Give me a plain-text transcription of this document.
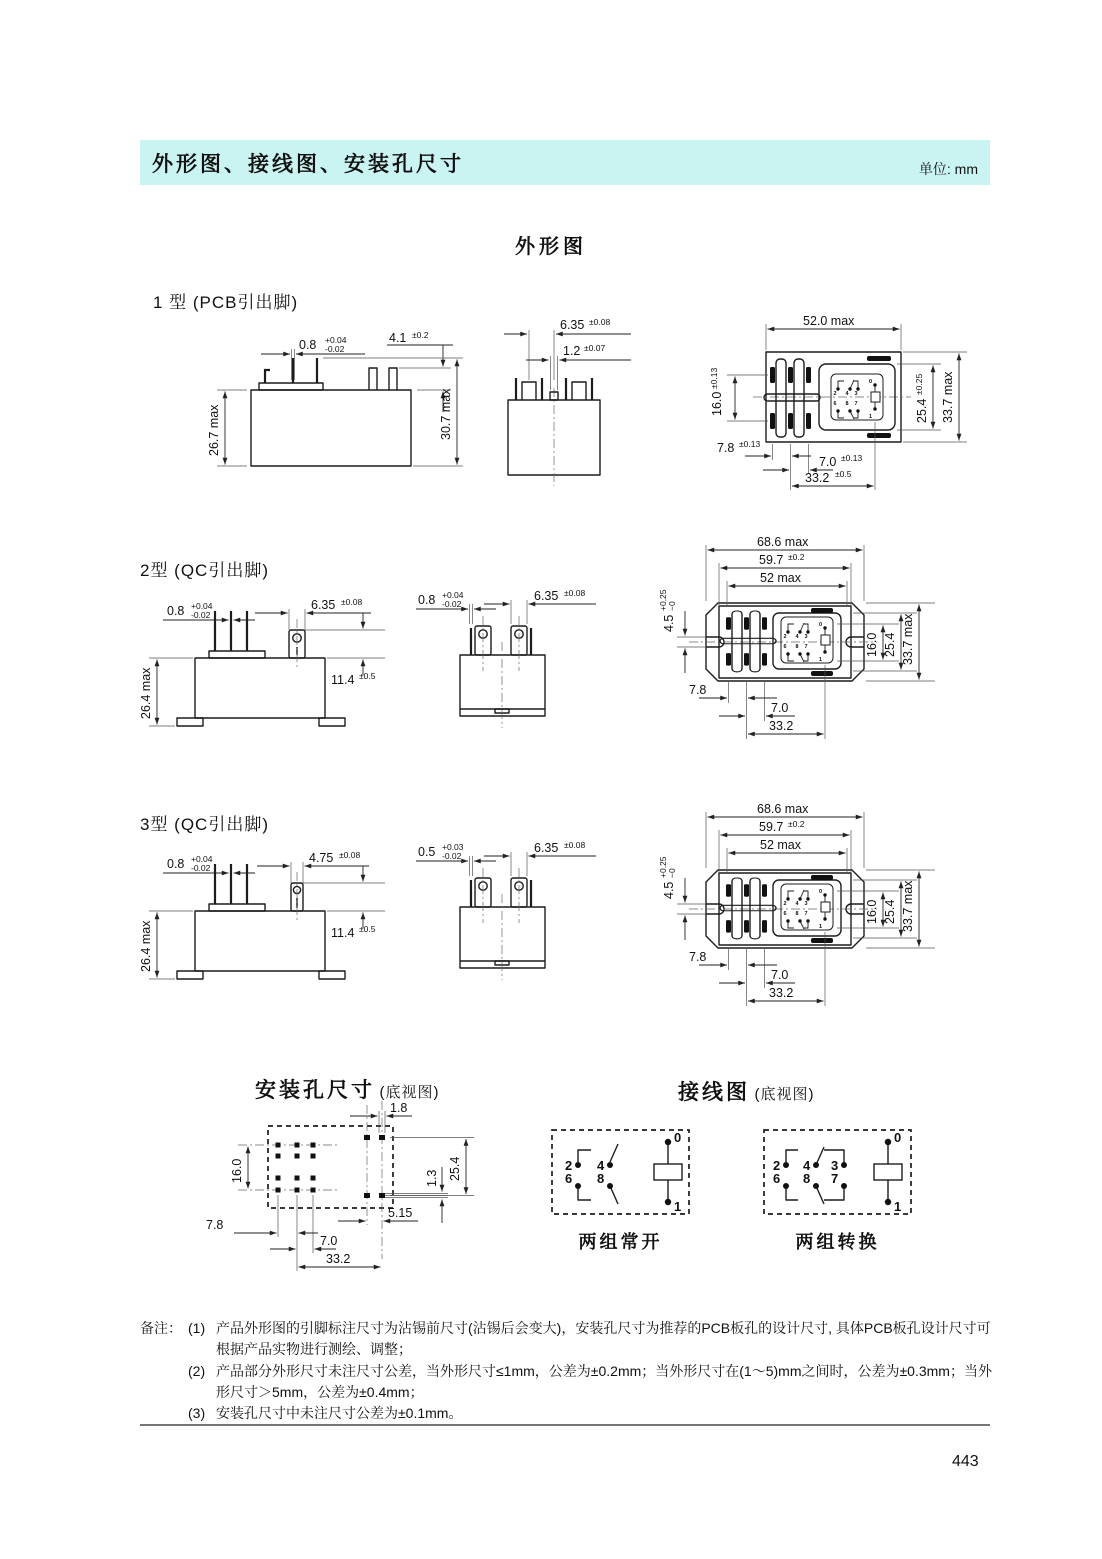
2	4	3
6	8	7
0
1
外形图、接线图、安装孔尺寸	单位: mm
外形图
1 型 (PCB引出脚)
0.8 +0.04
-0.02
4.1 ±0.2
26.7 max	30.7 max
6.35 ±0.08
1.2 ±0.07
52.0 max
16.0
±0.13
7.8 ±0.13
7.0 ±0.13
33.2 ±0.5
25.4
±0.25 33.7 max
2型 (QC引出脚)
0.8 +0.04
-0.02
6.35 ±0.08
11.4 ±0.5
26.4 max
0.8 +0.04
-0.02
6.35 ±0.08
68.6 max
59.7 ±0.2
52 max
4.5
+0.25 −0
16.0 25.4 33.7 max
7.8
7.0
33.2
3型 (QC引出脚)
0.8 +0.04
-0.02
4.75 ±0.08
11.4 ±0.5
26.4 max
0.5 +0.03
-0.02
6.35 ±0.08
68.6 max
59.7 ±0.2
52 max
4.5
+0.25 −0
16.0 25.4 33.7 max
7.8
7.0
33.2
安装孔尺寸 (底视图)
1.8
16.0	25.4
1.3
5.15
7.8
7.0
33.2
接线图 (底视图)
2 4
6 8
0
1
两组常开
2 4 3
6 8 7
0
1
两组转换
备注： (1) 产品外形图的引脚标注尺寸为沾锡前尺寸(沾锡后会变大)，安装孔尺寸为推荐的PCB板孔的设计尺寸, 具体PCB板孔设计尺寸可根据产品实物进行测绘、调整；
(2) 产品部分外形尺寸未注尺寸公差，当外形尺寸≤1mm，公差为±0.2mm；当外形尺寸在(1～5)mm之间时，公差为±0.3mm；当外形尺寸＞5mm，公差为±0.4mm；
(3) 安装孔尺寸中未注尺寸公差为±0.1mm。
443
